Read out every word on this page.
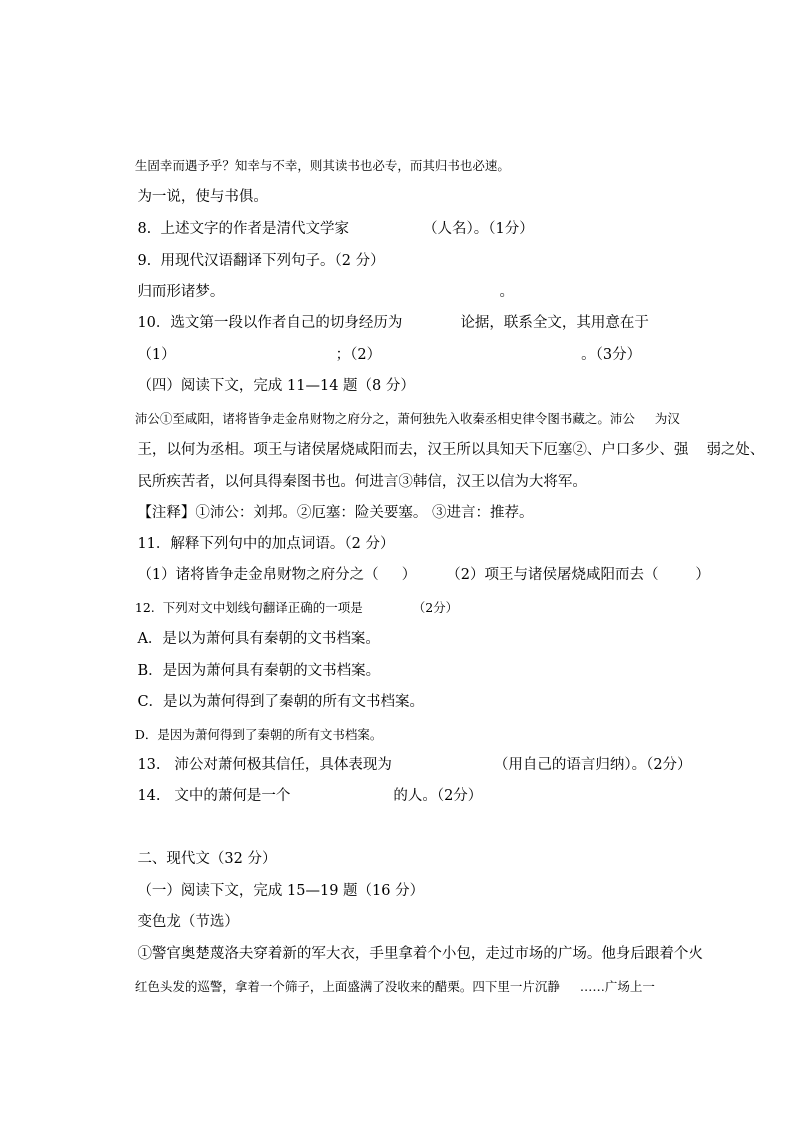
生固幸而遇予乎？知幸与不幸，则其读书也必专，而其归书也必速。

为一说，使与书俱。

8.  上述文字的作者是清代文学家	（人名）。（1分）

9.  用现代汉语翻译下列句子。（2 分）

归而形诸梦。	。

10．选文第一段以作者自己的切身经历为	论据，联系全文，其用意在于

（1）	；（2）	。（3分）

（四）阅读下文，完成 11—14 题（8 分）

沛公①至咸阳，诸将皆争走金帛财物之府分之，萧何独先入收秦丞相史律令图书藏之。沛公 为汉

王，以何为丞相。项王与诸侯屠烧咸阳而去，汉王所以具知天下厄塞②、户口多少、强 弱之处、

民所疾苦者，以何具得秦图书也。何进言③韩信，汉王以信为大将军。

【注释】①沛公：刘邦。②厄塞：险关要塞。 ③进言：推荐。

11．解释下列句中的加点词语。（2 分）

（1）诸将皆争走金帛财物之府分之（     ） （2）项王与诸侯屠烧咸阳而去（        ）

12.  下列对文中划线句翻译正确的一项是	（2分）

A．是以为萧何具有秦朝的文书档案。

B．是因为萧何具有秦朝的文书档案。

C．是以为萧何得到了秦朝的所有文书档案。

D．是因为萧何得到了秦朝的所有文书档案。

13.   沛公对萧何极其信任，具体表现为	（用自己的语言归纳）。（2分）

14.   文中的萧何是一个	的人。（2分）

二、现代文（32 分）

（一）阅读下文，完成 15—19 题（16 分）

变色龙（节选）

①警官奥楚蔑洛夫穿着新的军大衣，手里拿着个小包，走过市场的广场。他身后跟着个火

红色头发的巡警，拿着一个筛子，上面盛满了没收来的醋栗。四下里一片沉静 ……广场上一
